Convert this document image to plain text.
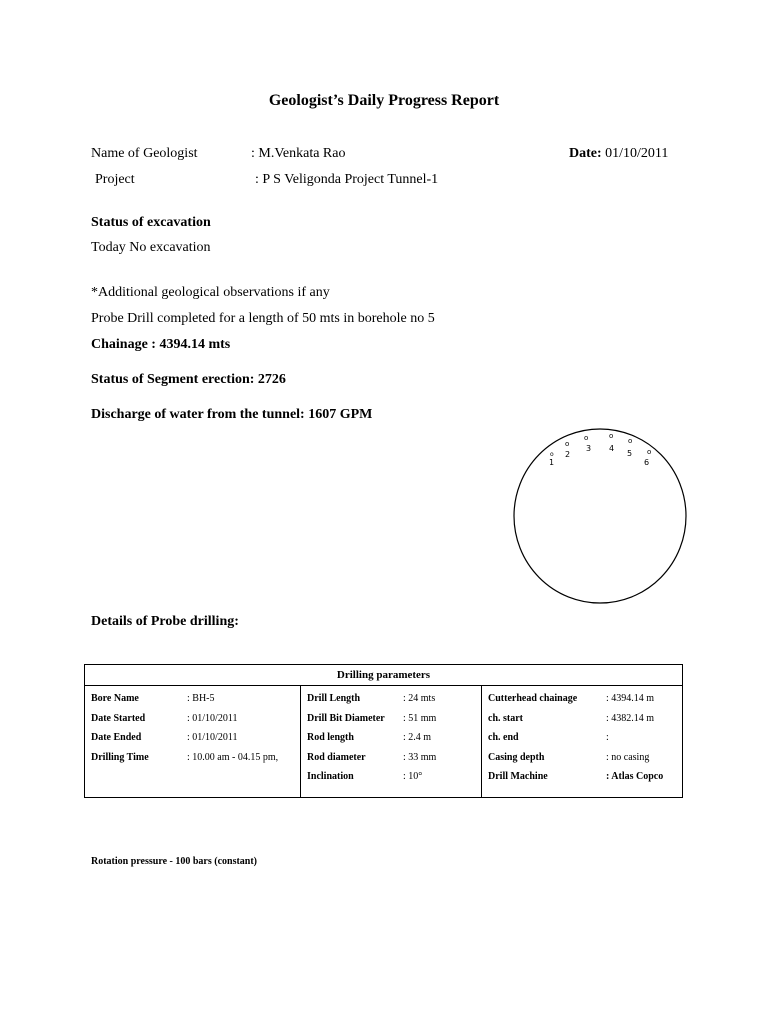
Geologist’s Daily Progress Report
Name of Geologist	: M.Venkata Rao	Date: 01/10/2011
Project	: P S Veligonda Project Tunnel-1
Status of excavation
Today No excavation
*Additional geological observations if any
Probe Drill completed for a length of 50 mts in borehole no 5
Chainage : 4394.14 mts
Status of Segment erection: 2726
Discharge of water from the tunnel: 1607 GPM
1
2
3 4
5
6
o
o
o	o
o
o
Details of Probe drilling:
Drilling parameters

Bore Name	: BH-5
Date Started	: 01/10/2011
Date Ended	: 01/10/2011
Drilling Time	: 10.00 am - 04.15 pm,

Drill Length	: 24 mts
Drill Bit Diameter	: 51 mm
Rod length	: 2.4 m
Rod diameter	: 33 mm
Inclination	: 10°

Cutterhead chainage	: 4394.14 m
ch. start	: 4382.14 m
ch. end	:
Casing depth	: no casing
Drill Machine	: Atlas Copco
Rotation pressure - 100 bars (constant)
